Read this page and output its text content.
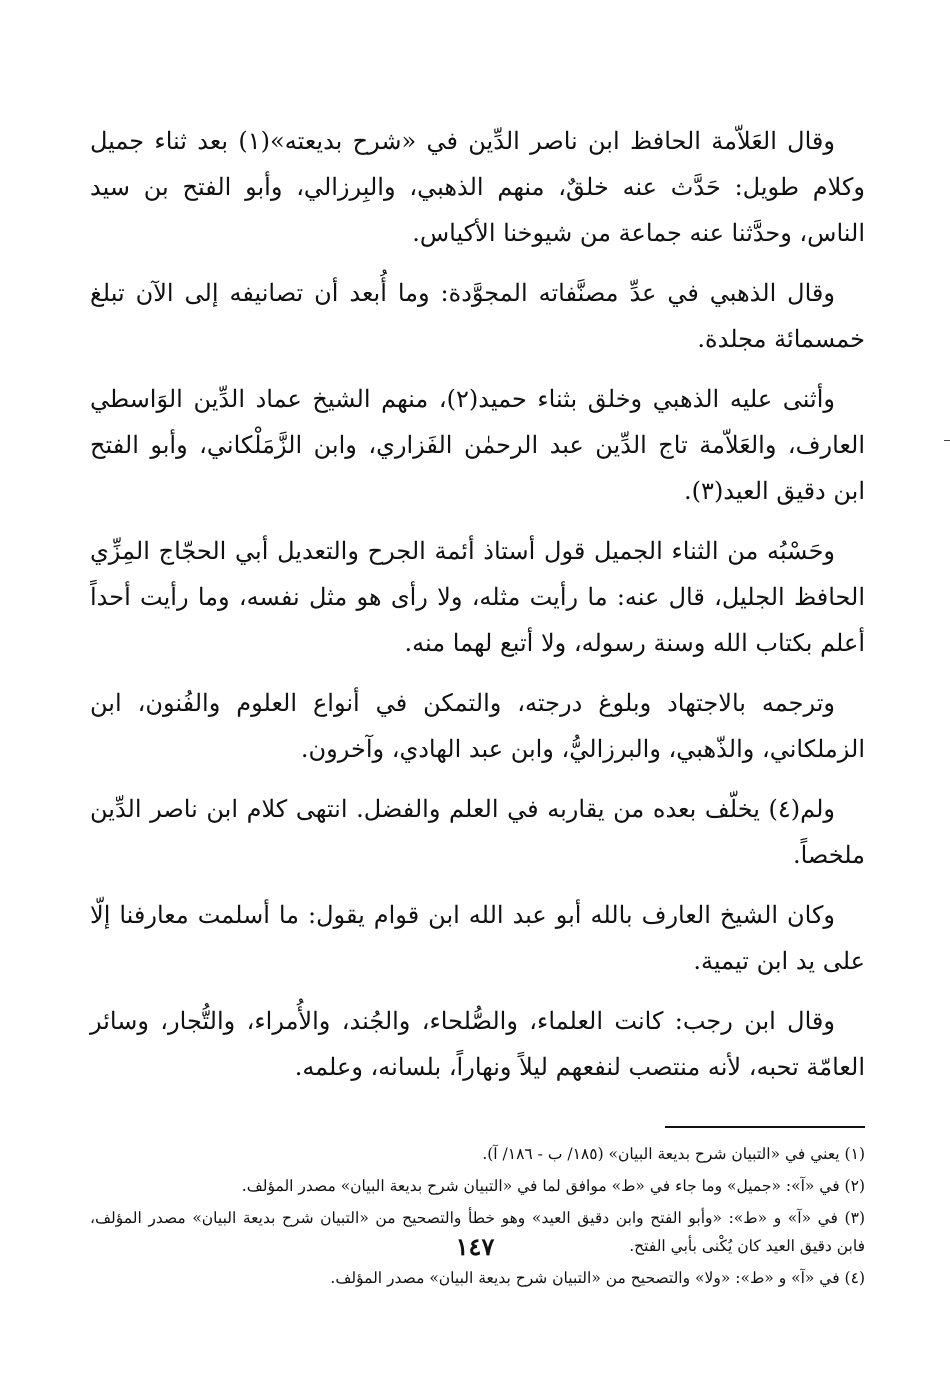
وقال العَلاّمة الحافظ ابن ناصر الدِّين في «شرح بديعته»(١) بعد ثناء جميل وكلام طويل: حَدَّث عنه خلقٌ، منهم الذهبي، والبِرزالي، وأبو الفتح بن سيد الناس، وحدَّثنا عنه جماعة من شيوخنا الأكياس.

وقال الذهبي في عدِّ مصنَّفاته المجوَّدة: وما أُبعد أن تصانيفه إلى الآن تبلغ خمسمائة مجلدة.

وأثنى عليه الذهبي وخلق بثناء حميد(٢)، منهم الشيخ عماد الدِّين الوَاسطي العارف، والعَلاّمة تاج الدِّين عبد الرحمٰن الفَزاري، وابن الزَّمَلْكاني، وأبو الفتح ابن دقيق العيد(٣).

وحَسْبُه من الثناء الجميل قول أستاذ أئمة الجرح والتعديل أبي الحجّاج المِزِّي الحافظ الجليل، قال عنه: ما رأيت مثله، ولا رأى هو مثل نفسه، وما رأيت أحداً أعلم بكتاب الله وسنة رسوله، ولا أتبع لهما منه.

وترجمه بالاجتهاد وبلوغ درجته، والتمكن في أنواع العلوم والفُنون، ابن الزملكاني، والذّهبي، والبرزاليُّ، وابن عبد الهادي، وآخرون.

ولم(٤) يخلّف بعده من يقاربه في العلم والفضل. انتهى كلام ابن ناصر الدِّين ملخصاً.

وكان الشيخ العارف بالله أبو عبد الله ابن قوام يقول: ما أسلمت معارفنا إلّا على يد ابن تيمية.

وقال ابن رجب: كانت العلماء، والصُّلحاء، والجُند، والأُمراء، والتُّجار، وسائر العامّة تحبه، لأنه منتصب لنفعهم ليلاً ونهاراً، بلسانه، وعلمه.

(١) يعني في «التبيان شرح بديعة البيان» (١٨٥/ ب - ١٨٦/ آ).

(٢) في «آ»: «جميل» وما جاء في «ط» موافق لما في «التبيان شرح بديعة البيان» مصدر المؤلف.

(٣) في «آ» و «ط»: «وأبو الفتح وابن دقيق العيد» وهو خطأ والتصحيح من «التبيان شرح بديعة البيان» مصدر المؤلف، فابن دقيق العيد كان يُكْنى بأبي الفتح.

(٤) في «آ» و «ط»: «ولا» والتصحيح من «التبيان شرح بديعة البيان» مصدر المؤلف.

١٤٧
